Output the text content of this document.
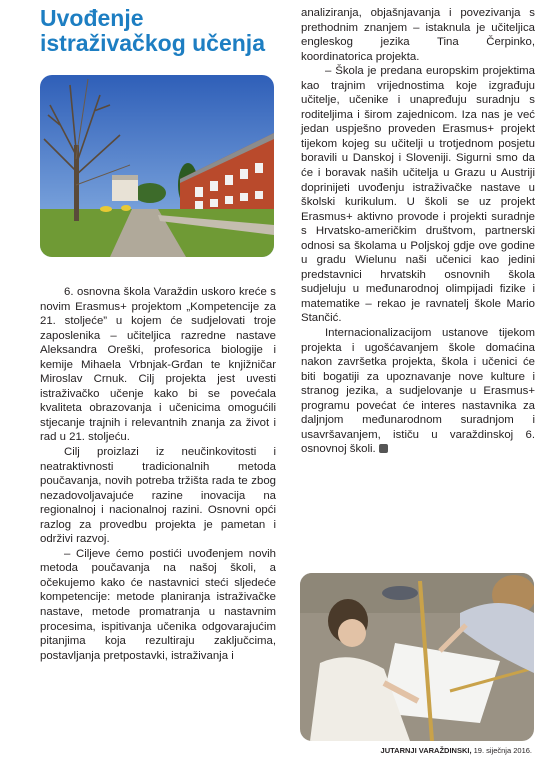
Uvođenje
istraživačkog učenja

6. osnovna škola Varaždin uskoro kreće s novim Erasmus+ projektom „Kompetencije za 21. stoljeće” u kojem će sudjelovati troje zaposlenika – učiteljica razredne nastave Aleksandra Oreški, profesorica biologije i kemije Mihaela Vrbnjak-Grđan te knjižničar Miroslav Crnuk. Cilj projekta jest uvesti istraživačko učenje kako bi se povećala kvaliteta obrazovanja i učenicima omogućili stjecanje trajnih i relevantnih znanja za život i rad u 21. stoljeću.

Cilj proizlazi iz neučinkovitosti i neatraktivnosti tradicionalnih metoda poučavanja, novih potreba tržišta rada te zbog nezadovoljavajuće razine inovacija na regionalnoj i nacionalnoj razini. Osnovni opći razlog za provedbu projekta je pametan i održivi razvoj.

– Ciljeve ćemo postići uvođenjem novih metoda poučavanja na našoj školi, a očekujemo kako će nastavnici steći sljedeće kompetencije: metode planiranja istraživačke nastave, metode promatranja u nastavnim procesima, ispitivanja učenika odgovarajućim pitanjima koja rezultiraju zaključcima, postavljanja pretpostavki, istraživanja i

analiziranja, objašnjavanja i povezivanja s prethodnim znanjem – istaknula je učiteljica engleskog jezika Tina Čerpinko, koordinatorica projekta.

– Škola je predana europskim projektima kao trajnim vrijednostima koje izgrađuju učitelje, učenike i unapređuju suradnju s roditeljima i širom zajednicom. Iza nas je već jedan uspješno proveden Erasmus+ projekt tijekom kojeg su učitelji u trotjednom posjetu boravili u Danskoj i Sloveniji. Sigurni smo da će i boravak naših učitelja u Grazu u Austriji doprinijeti uvođenju istraživačke nastave u školski kurikulum. U školi se uz projekt Erasmus+ aktivno provode i projekti suradnje s Hrvatsko-američkim društvom, partnerski odnosi sa školama u Poljskoj gdje ove godine u gradu Wielunu naši učenici kao jedini predstavnici hrvatskih osnovnih škola sudjeluju u međunarodnoj olimpijadi fizike i matematike – rekao je ravnatelj škole Mario Stančić.

Internacionalizacijom ustanove tijekom projekta i ugošćavanjem škole domaćina nakon završetka projekta, škola i učenici će biti bogatiji za upoznavanje nove kulture i stranog jezika, a sudjelovanje u Erasmus+ programu povećat će interes nastavnika za daljnjom međunarodnom suradnjom i usavršavanjem, ističu u varaždinskoj 6. osnovnoj školi.

JUTARNJI VARAŽDINSKI, 19. siječnja 2016.
